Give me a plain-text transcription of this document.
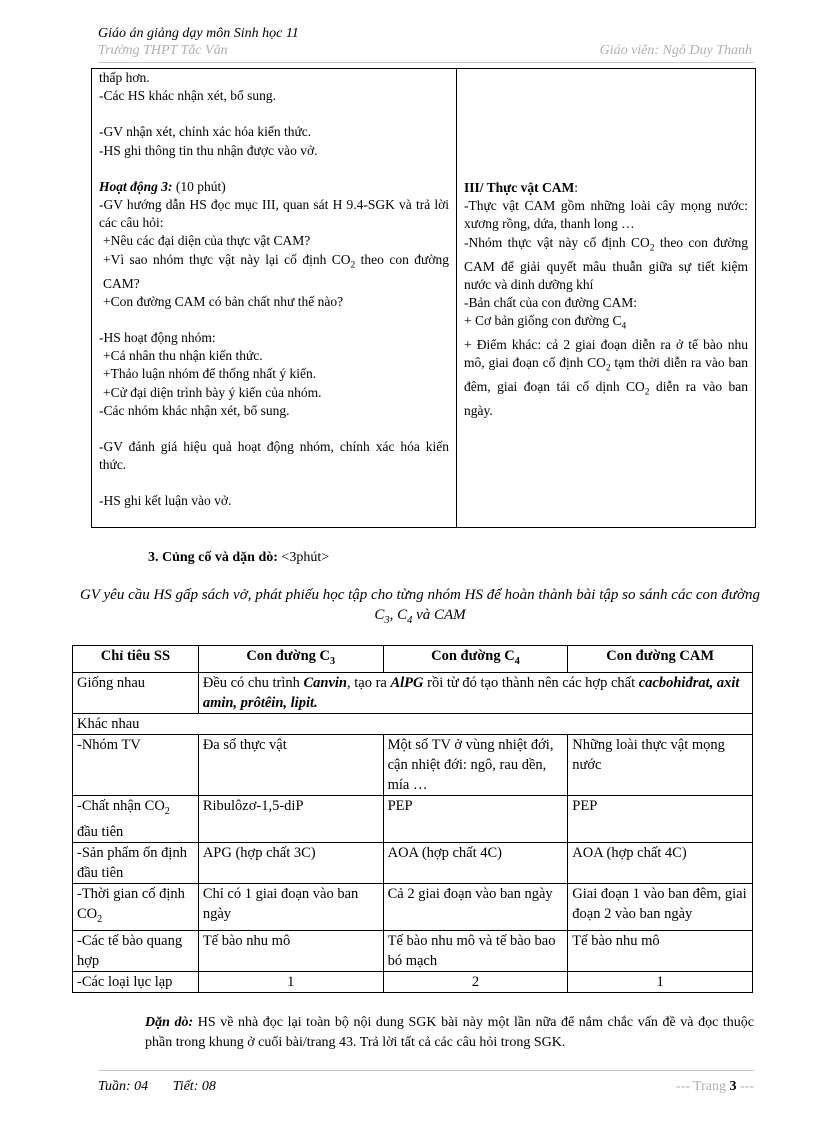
Giáo án giảng dạy môn Sinh học 11
Trường THPT Tắc Vân	Giáo viên: Ngô Duy Thanh
thấp hơn.
-Các HS khác nhận xét, bổ sung.
-GV nhận xét, chính xác hóa kiến thức.
-HS ghi thông tin thu nhận được vào vở.
Hoạt động 3: (10 phút)
-GV hướng dẫn HS đọc mục III, quan sát H 9.4-SGK và trả lời các câu hỏi:
+Nêu các đại diện của thực vật CAM?
+Vì sao nhóm thực vật này lại cố định $CO_2$ theo con đường CAM?
+Con đường CAM có bản chất như thế nào?
-HS hoạt động nhóm:
+Cá nhân thu nhận kiến thức.
+Thảo luận nhóm để thống nhất ý kiến.
+Cử đại diện trình bày ý kiến của nhóm.
-Các nhóm khác nhận xét, bổ sung.
-GV đánh giá hiệu quả hoạt động nhóm, chính xác hóa kiến thức.
-HS ghi kết luận vào vở.
III/ Thực vật CAM:
-Thực vật CAM gồm những loài cây mọng nước: xương rồng, dứa, thanh long …
-Nhóm thực vật này cố định $CO_2$ theo con đường CAM để giải quyết mâu thuẫn giữa sự tiết kiệm nước và dinh dưỡng khí
-Bản chất của con đường CAM:
+ Cơ bản giống con đường $C_4$
+ Điểm khác: cả 2 giai đoạn diễn ra ở tế bào nhu mô, giai đoạn cố định $CO_2$ tạm thời diễn ra vào ban đêm, giai đoạn tái cố dịnh $CO_2$ diễn ra vào ban ngày.
3. Củng cố và dặn dò: <3phút>
GV yêu cầu HS gấp sách vở, phát phiếu học tập cho từng nhóm HS để hoàn thành bài tập so sánh các con đường $C_3$, $C_4$ và CAM
Chỉ tiêu SS	Con đường $C_3$	Con đường $C_4$	Con đường CAM
Giống nhau	Đều có chu trình Canvin, tạo ra AlPG rồi từ đó tạo thành nên các hợp chất cacbohiđrat, axit amin, prôtêin, lipit.		
Khác nhau			
-Nhóm TV	Đa số thực vật	Một số TV ở vùng nhiệt đới, cận nhiệt đới: ngô, rau dền, mía …	Những loài thực vật mọng nước
-Chất nhận $CO_2$ đầu tiên	Ribulôzơ-1,5-diP	PEP	PEP
-Sản phẩm ổn định đầu tiên	APG (hợp chất 3C)	AOA (hợp chất 4C)	AOA (hợp chất 4C)
-Thời gian cố định $CO_2$	Chỉ có 1 giai đoạn vào ban ngày	Cả 2 giai đoạn vào ban ngày	Giai đoạn 1 vào ban đêm, giai đoạn 2 vào ban ngày
-Các tế bào quang hợp	Tế bào nhu mô	Tế bào nhu mô và tế bào bao bó mạch	Tế bào nhu mô
-Các loại lục lạp	1	2	1
Dặn dò: HS về nhà đọc lại toàn bộ nội dung SGK bài này một lần nữa để nắm chắc vấn đề và đọc thuộc phần trong khung ở cuối bài/trang 43. Trả lời tất cả các câu hỏi trong SGK.
Tuần: 04 Tiết: 08	--- Trang 3 ---
